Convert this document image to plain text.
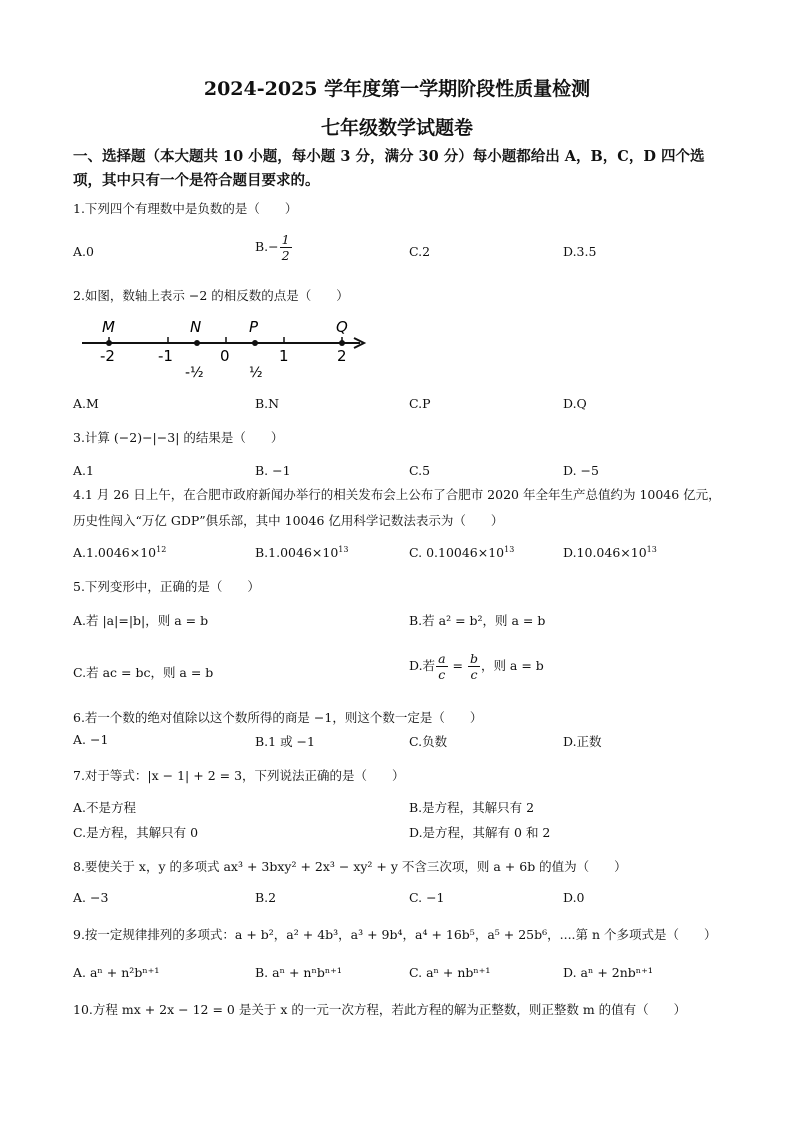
2024-2025 学年度第一学期阶段性质量检测
七年级数学试题卷
一、选择题（本大题共 10 小题，每小题 3 分，满分 30 分）每小题都给出 A，B，C，D 四个选项，其中只有一个是符合题目要求的。
1.下列四个有理数中是负数的是（　　）
A.0	$B.- \frac{1}{2}$	C.2	D.3.5
2.如图，数轴上表示 −2 的相反数的点是（　　）
M	N	P	Q
-2	-1	0	1	2
-½	½
A.M	B.N	C.P	D.Q
3.计算 (−2)−|−3| 的结果是（　　）
A.1	B. −1	C.5	D. −5
4.1 月 26 日上午，在合肥市政府新闻办举行的相关发布会上公布了合肥市 2020 年全年生产总值约为 10046 亿元，历史性闯入“万亿 GDP”俱乐部，其中 10046 亿用科学记数法表示为（　　）
$A.1.0046\times 10^{12}$	$B.1.0046\times 10^{13}$	C. $0.10046\times 10^{13}$	$D.10.046\times 10^{13}$
5.下列变形中，正确的是（　　）
A.若 |a|=|b|，则 a = b	B.若 a² = b²，则 a = b
C.若 ac = bc，则 a = b	D.若 $\frac{a}{c} = \frac{b}{c}$ ，则 a = b
6.若一个数的绝对值除以这个数所得的商是 −1，则这个数一定是（　　）
A. −1	B.1 或 −1	C.负数	D.正数
7.对于等式：|x − 1| + 2 = 3，下列说法正确的是（　　）
A.不是方程	B.是方程，其解只有 2
C.是方程，其解只有 0	D.是方程，其解有 0 和 2
8.要使关于 x，y 的多项式 ax³ + 3bxy² + 2x³ − xy² + y 不含三次项，则 a + 6b 的值为（　　）
A. −3	B.2	C. −1	D.0
9.按一定规律排列的多项式：a + b²，a² + 4b³，a³ + 9b⁴，a⁴ + 16b⁵，a⁵ + 25b⁶，....第 n 个多项式是（　　）
A. aⁿ + n²bⁿ⁺¹	B. aⁿ + nⁿbⁿ⁺¹	C. aⁿ + nbⁿ⁺¹	D. aⁿ + 2nbⁿ⁺¹
10.方程 mx + 2x − 12 = 0 是关于 x 的一元一次方程，若此方程的解为正整数，则正整数 m 的值有（　　）
